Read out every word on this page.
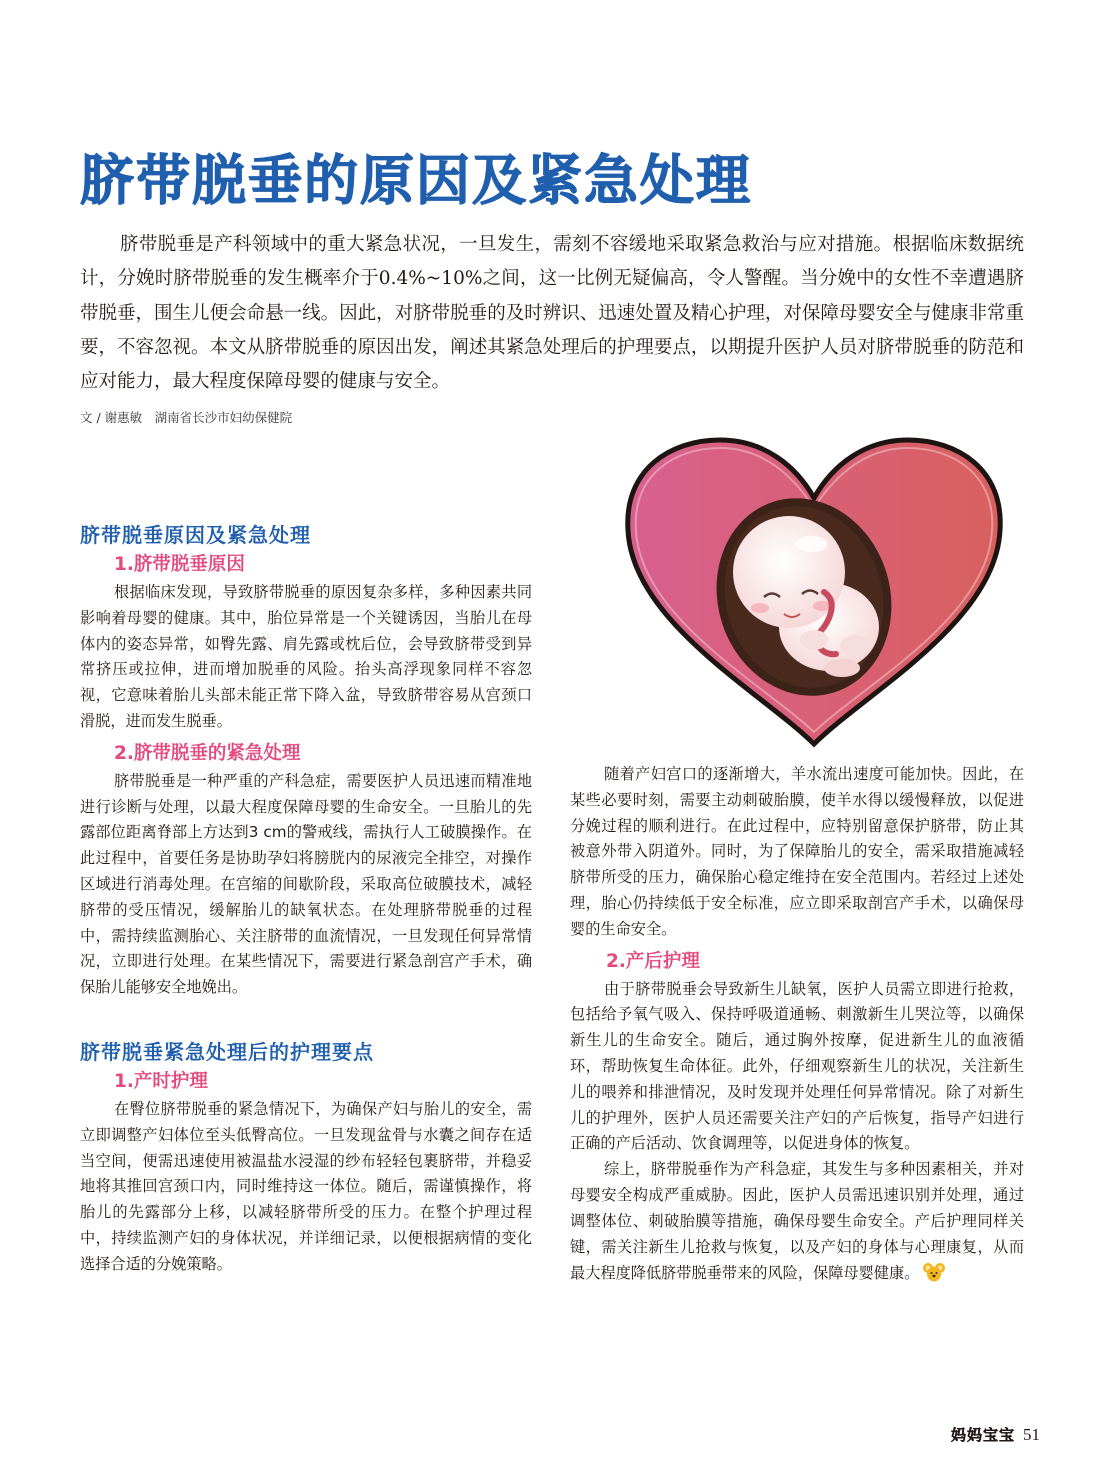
脐带脱垂的原因及紧急处理

脐带脱垂是产科领域中的重大紧急状况，一旦发生，需刻不容缓地采取紧急救治与应对措施。根据临床数据统计，分娩时脐带脱垂的发生概率介于0.4%~10%之间，这一比例无疑偏高，令人警醒。当分娩中的女性不幸遭遇脐带脱垂，围生儿便会命悬一线。因此，对脐带脱垂的及时辨识、迅速处置及精心护理，对保障母婴安全与健康非常重要，不容忽视。本文从脐带脱垂的原因出发，阐述其紧急处理后的护理要点，以期提升医护人员对脐带脱垂的防范和应对能力，最大程度保障母婴的健康与安全。

文 / 谢惠敏　湖南省长沙市妇幼保健院

脐带脱垂原因及紧急处理
1.脐带脱垂原因

根据临床发现，导致脐带脱垂的原因复杂多样，多种因素共同影响着母婴的健康。其中，胎位异常是一个关键诱因，当胎儿在母体内的姿态异常，如臀先露、肩先露或枕后位，会导致脐带受到异常挤压或拉伸，进而增加脱垂的风险。抬头高浮现象同样不容忽视，它意味着胎儿头部未能正常下降入盆，导致脐带容易从宫颈口滑脱，进而发生脱垂。

2.脐带脱垂的紧急处理

脐带脱垂是一种严重的产科急症，需要医护人员迅速而精准地进行诊断与处理，以最大程度保障母婴的生命安全。一旦胎儿的先露部位距离脊部上方达到3 cm的警戒线，需执行人工破膜操作。在此过程中，首要任务是协助孕妇将膀胱内的尿液完全排空，对操作区域进行消毒处理。在宫缩的间歇阶段，采取高位破膜技术，减轻脐带的受压情况，缓解胎儿的缺氧状态。在处理脐带脱垂的过程中，需持续监测胎心、关注脐带的血流情况，一旦发现任何异常情况，立即进行处理。在某些情况下，需要进行紧急剖宫产手术，确保胎儿能够安全地娩出。

脐带脱垂紧急处理后的护理要点
1.产时护理

在臀位脐带脱垂的紧急情况下，为确保产妇与胎儿的安全，需立即调整产妇体位至头低臀高位。一旦发现盆骨与水囊之间存在适当空间，便需迅速使用被温盐水浸湿的纱布轻轻包裹脐带，并稳妥地将其推回宫颈口内，同时维持这一体位。随后，需谨慎操作，将胎儿的先露部分上移，以减轻脐带所受的压力。在整个护理过程中，持续监测产妇的身体状况，并详细记录，以便根据病情的变化选择合适的分娩策略。

随着产妇宫口的逐渐增大，羊水流出速度可能加快。因此，在某些必要时刻，需要主动刺破胎膜，使羊水得以缓慢释放，以促进分娩过程的顺利进行。在此过程中，应特别留意保护脐带，防止其被意外带入阴道外。同时，为了保障胎儿的安全，需采取措施减轻脐带所受的压力，确保胎心稳定维持在安全范围内。若经过上述处理，胎心仍持续低于安全标准，应立即采取剖宫产手术，以确保母婴的生命安全。

2.产后护理

由于脐带脱垂会导致新生儿缺氧，医护人员需立即进行抢救，包括给予氧气吸入、保持呼吸道通畅、刺激新生儿哭泣等，以确保新生儿的生命安全。随后，通过胸外按摩，促进新生儿的血液循环，帮助恢复生命体征。此外，仔细观察新生儿的状况，关注新生儿的喂养和排泄情况，及时发现并处理任何异常情况。除了对新生儿的护理外，医护人员还需要关注产妇的产后恢复，指导产妇进行正确的产后活动、饮食调理等，以促进身体的恢复。

综上，脐带脱垂作为产科急症，其发生与多种因素相关，并对母婴安全构成严重威胁。因此，医护人员需迅速识别并处理，通过调整体位、刺破胎膜等措施，确保母婴生命安全。产后护理同样关键，需关注新生儿抢救与恢复，以及产妇的身体与心理康复，从而最大程度降低脐带脱垂带来的风险，保障母婴健康。

妈妈宝宝 51
